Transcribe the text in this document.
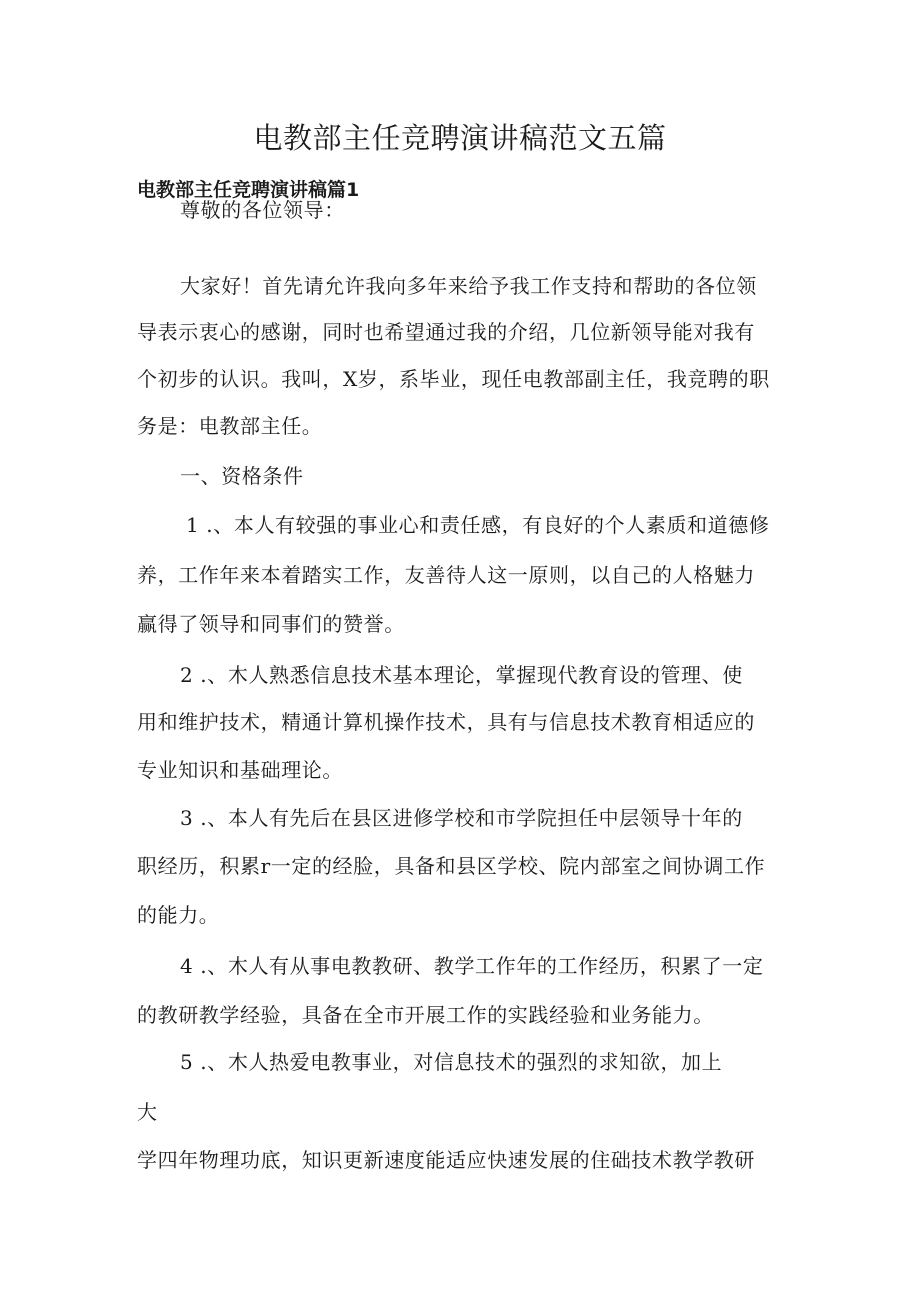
电教部主任竞聘演讲稿范文五篇
电教部主任竞聘演讲稿篇1
尊敬的各位领导：
大家好！首先请允许我向多年来给予我工作支持和帮助的各位领
导表示衷心的感谢，同时也希望通过我的介绍，几位新领导能对我有
个初步的认识。我叫，X岁，系毕业，现任电教部副主任，我竞聘的职
务是：电教部主任。
一、资格条件
1 .、本人有较强的事业心和责任感，有良好的个人素质和道德修
养，工作年来本着踏实工作，友善待人这一原则，以自己的人格魅力
赢得了领导和同事们的赞誉。
2 .、木人熟悉信息技术基本理论，掌握现代教育设的管理、使
用和维护技术，精通计算机操作技术，具有与信息技术教育相适应的
专业知识和基础理论。
3 .、本人有先后在县区进修学校和市学院担任中层领导十年的
职经历，积累r一定的经脸，具备和县区学校、院内部室之间协调工作
的能力。
4 .、木人有从事电教教研、教学工作年的工作经历，积累了一定
的教研教学经验，具备在全市开展工作的实践经验和业务能力。
5 .、木人热爱电教事业，对信息技术的强烈的求知欲，加上
大
学四年物理功底，知识更新速度能适应快速发展的住础技术教学教研
